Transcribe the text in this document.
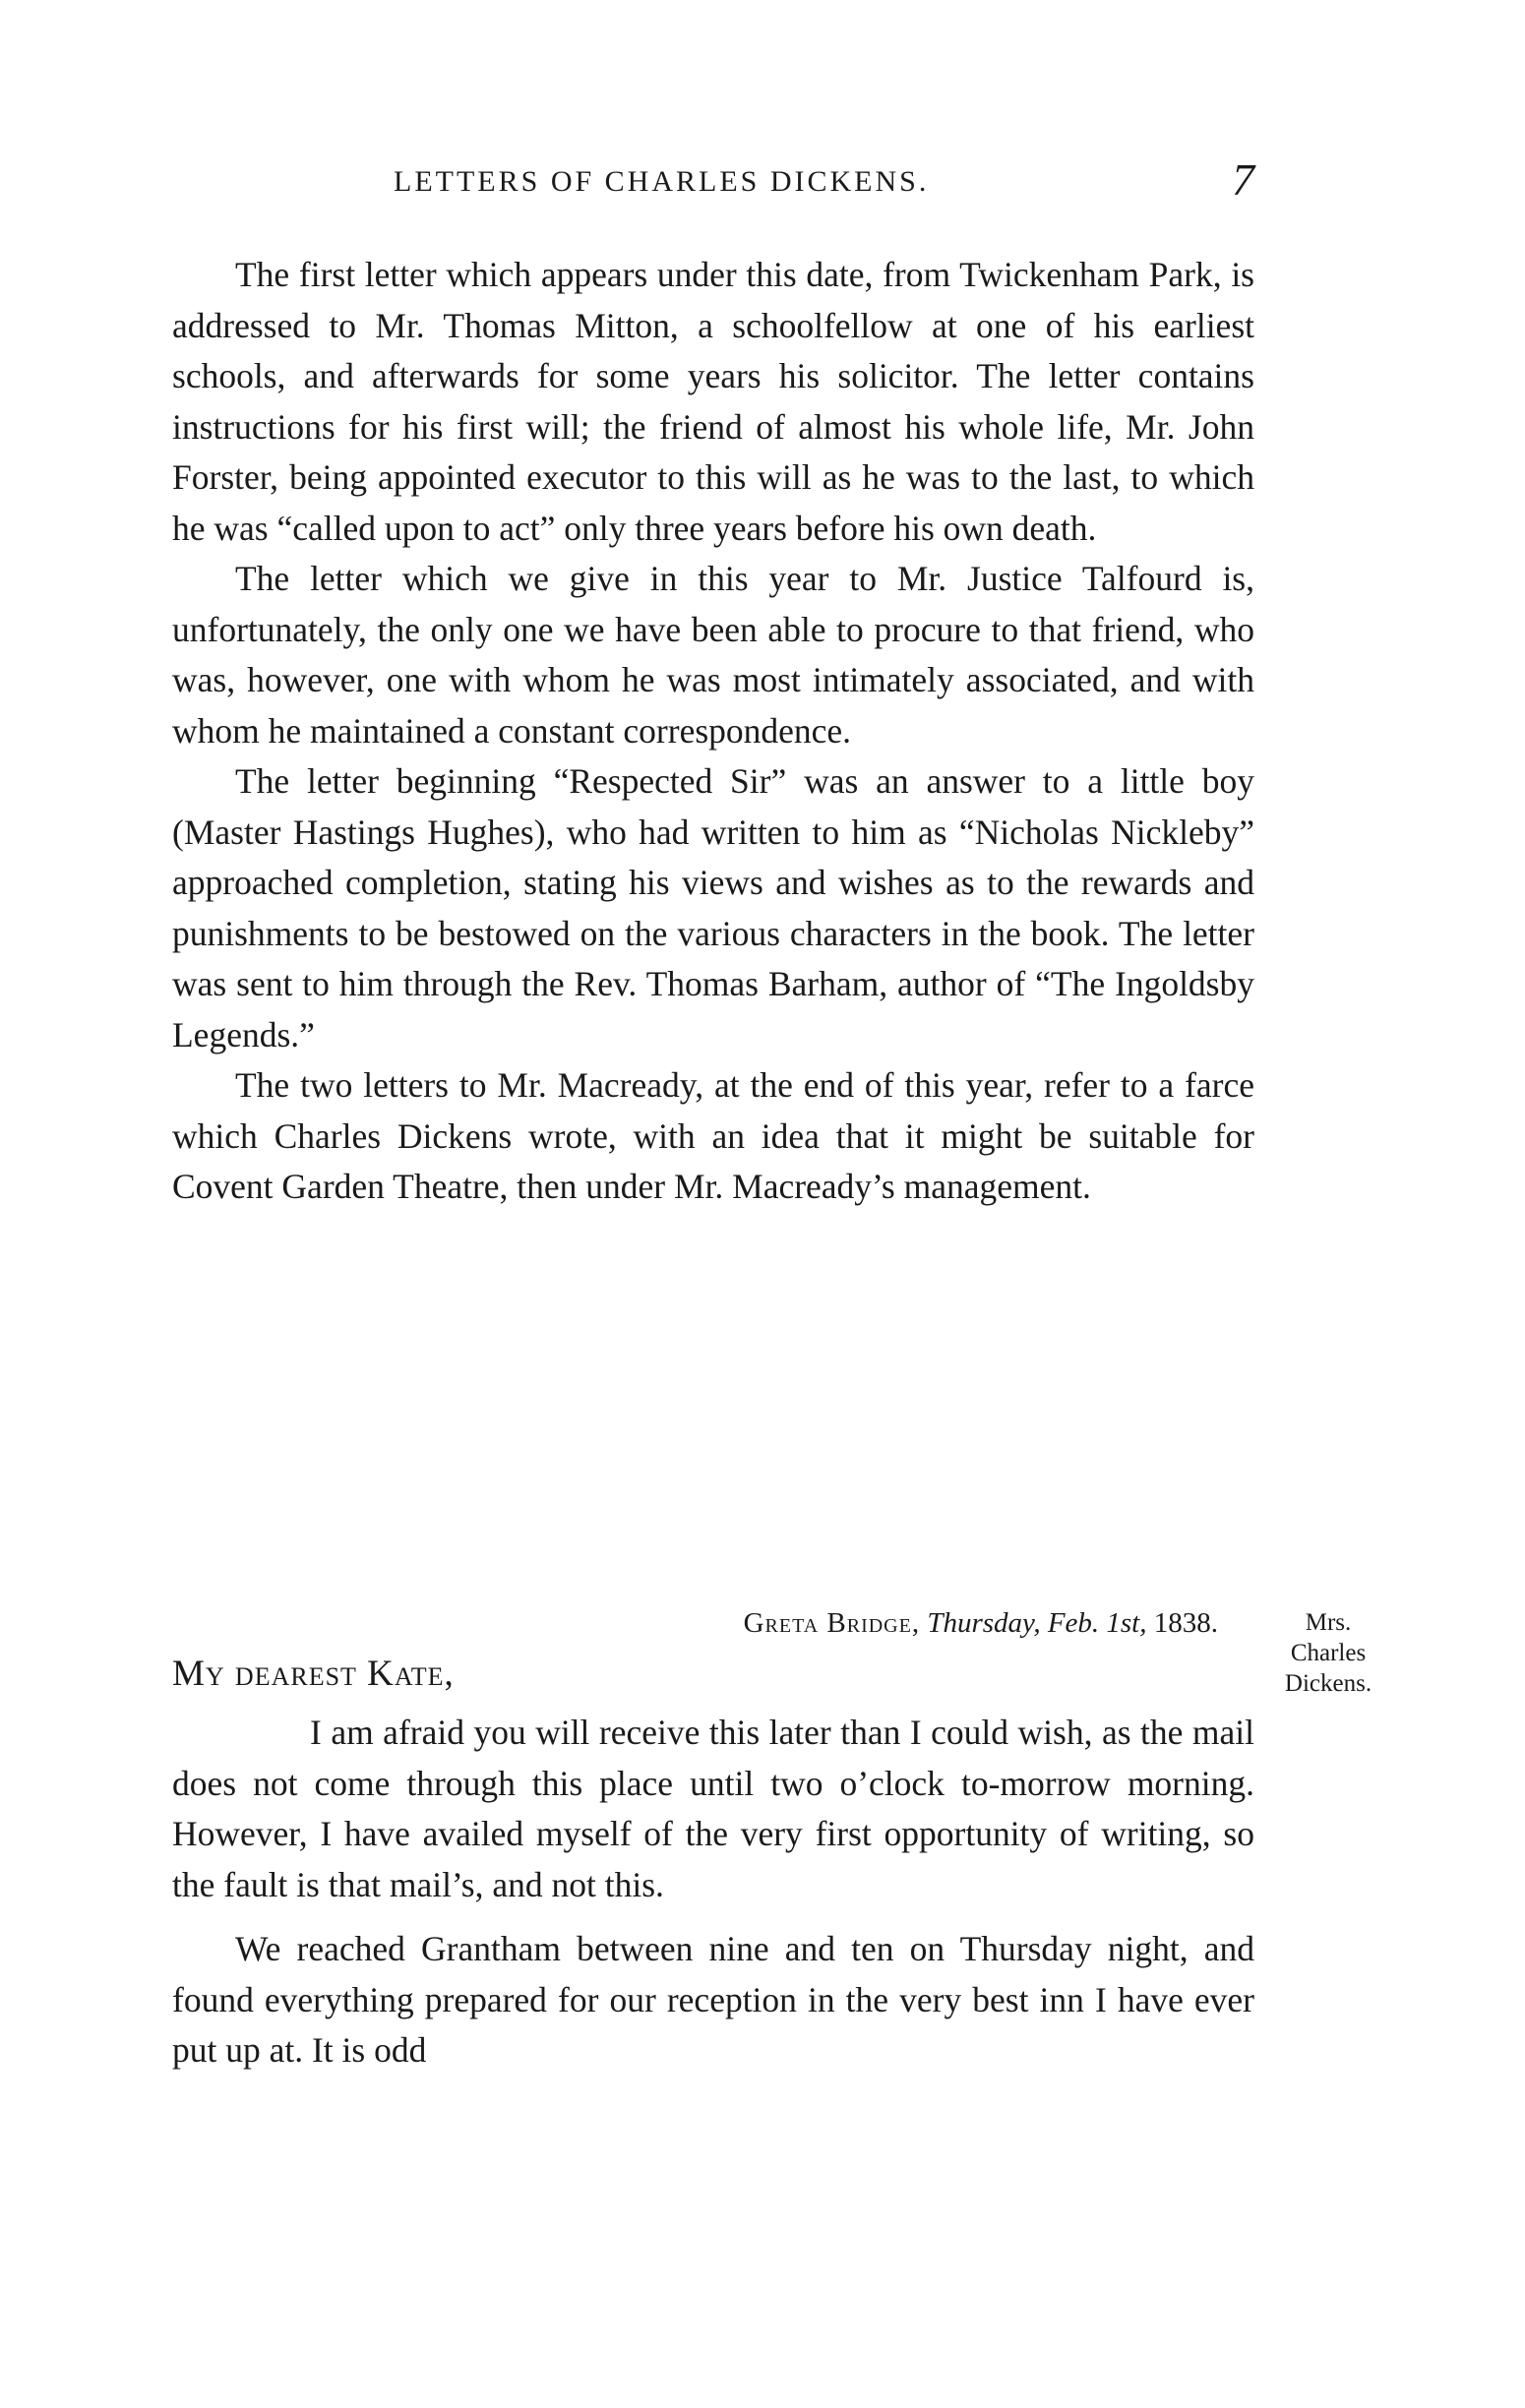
LETTERS OF CHARLES DICKENS.	7

The first letter which appears under this date, from Twickenham Park, is addressed to Mr. Thomas Mitton, a schoolfellow at one of his earliest schools, and afterwards for some years his solicitor. The letter contains instructions for his first will; the friend of almost his whole life, Mr. John Forster, being appointed executor to this will as he was to the last, to which he was “called upon to act” only three years before his own death.

The letter which we give in this year to Mr. Justice Talfourd is, unfortunately, the only one we have been able to procure to that friend, who was, however, one with whom he was most intimately associated, and with whom he maintained a constant correspondence.

The letter beginning “Respected Sir” was an answer to a little boy (Master Hastings Hughes), who had written to him as “Nicholas Nickleby” approached completion, stating his views and wishes as to the rewards and punishments to be bestowed on the various characters in the book. The letter was sent to him through the Rev. Thomas Barham, author of “The Ingoldsby Legends.”

The two letters to Mr. Macready, at the end of this year, refer to a farce which Charles Dickens wrote, with an idea that it might be suitable for Covent Garden Theatre, then under Mr. Macready’s management.

Greta Bridge, Thursday, Feb. 1st, 1838.	Mrs.
Charles
Dickens.
My dearest Kate,

I am afraid you will receive this later than I could wish, as the mail does not come through this place until two o’clock to-morrow morning. However, I have availed myself of the very first opportunity of writing, so the fault is that mail’s, and not this.

We reached Grantham between nine and ten on Thursday night, and found everything prepared for our reception in the very best inn I have ever put up at. It is odd
